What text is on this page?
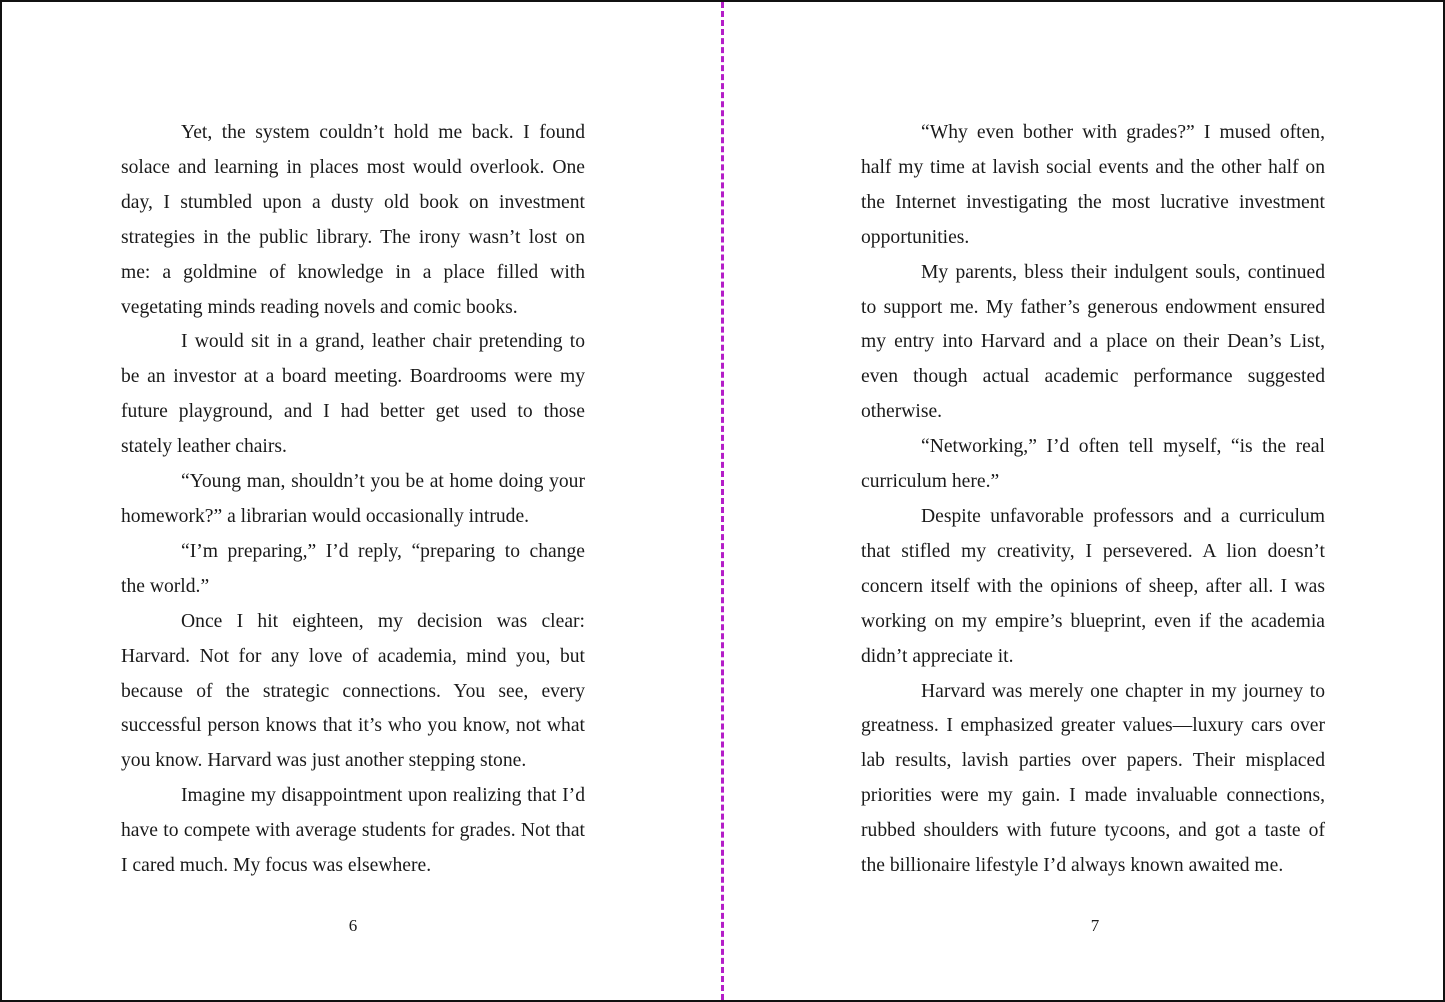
Yet, the system couldn’t hold me back. I found solace and learning in places most would overlook. One day, I stumbled upon a dusty old book on investment strategies in the public library. The irony wasn’t lost on me: a goldmine of knowledge in a place filled with vegetating minds reading novels and comic books.

I would sit in a grand, leather chair pretending to be an investor at a board meeting. Boardrooms were my future playground, and I had better get used to those stately leather chairs.

“Young man, shouldn’t you be at home doing your homework?” a librarian would occasionally intrude.

“I’m preparing,” I’d reply, “preparing to change the world.”

Once I hit eighteen, my decision was clear: Harvard. Not for any love of academia, mind you, but because of the strategic connections. You see, every successful person knows that it’s who you know, not what you know. Harvard was just another stepping stone.

Imagine my disappointment upon realizing that I’d have to compete with average students for grades. Not that I cared much. My focus was elsewhere.

6

“Why even bother with grades?” I mused often, half my time at lavish social events and the other half on the Internet investigating the most lucrative investment opportunities.

My parents, bless their indulgent souls, continued to support me. My father’s generous endowment ensured my entry into Harvard and a place on their Dean’s List, even though actual academic performance suggested otherwise.

“Networking,” I’d often tell myself, “is the real curriculum here.”

Despite unfavorable professors and a curriculum that stifled my creativity, I persevered. A lion doesn’t concern itself with the opinions of sheep, after all. I was working on my empire’s blueprint, even if the academia didn’t appreciate it.

Harvard was merely one chapter in my journey to greatness. I emphasized greater values—luxury cars over lab results, lavish parties over papers. Their misplaced priorities were my gain. I made invaluable connections, rubbed shoulders with future tycoons, and got a taste of the billionaire lifestyle I’d always known awaited me.

7
